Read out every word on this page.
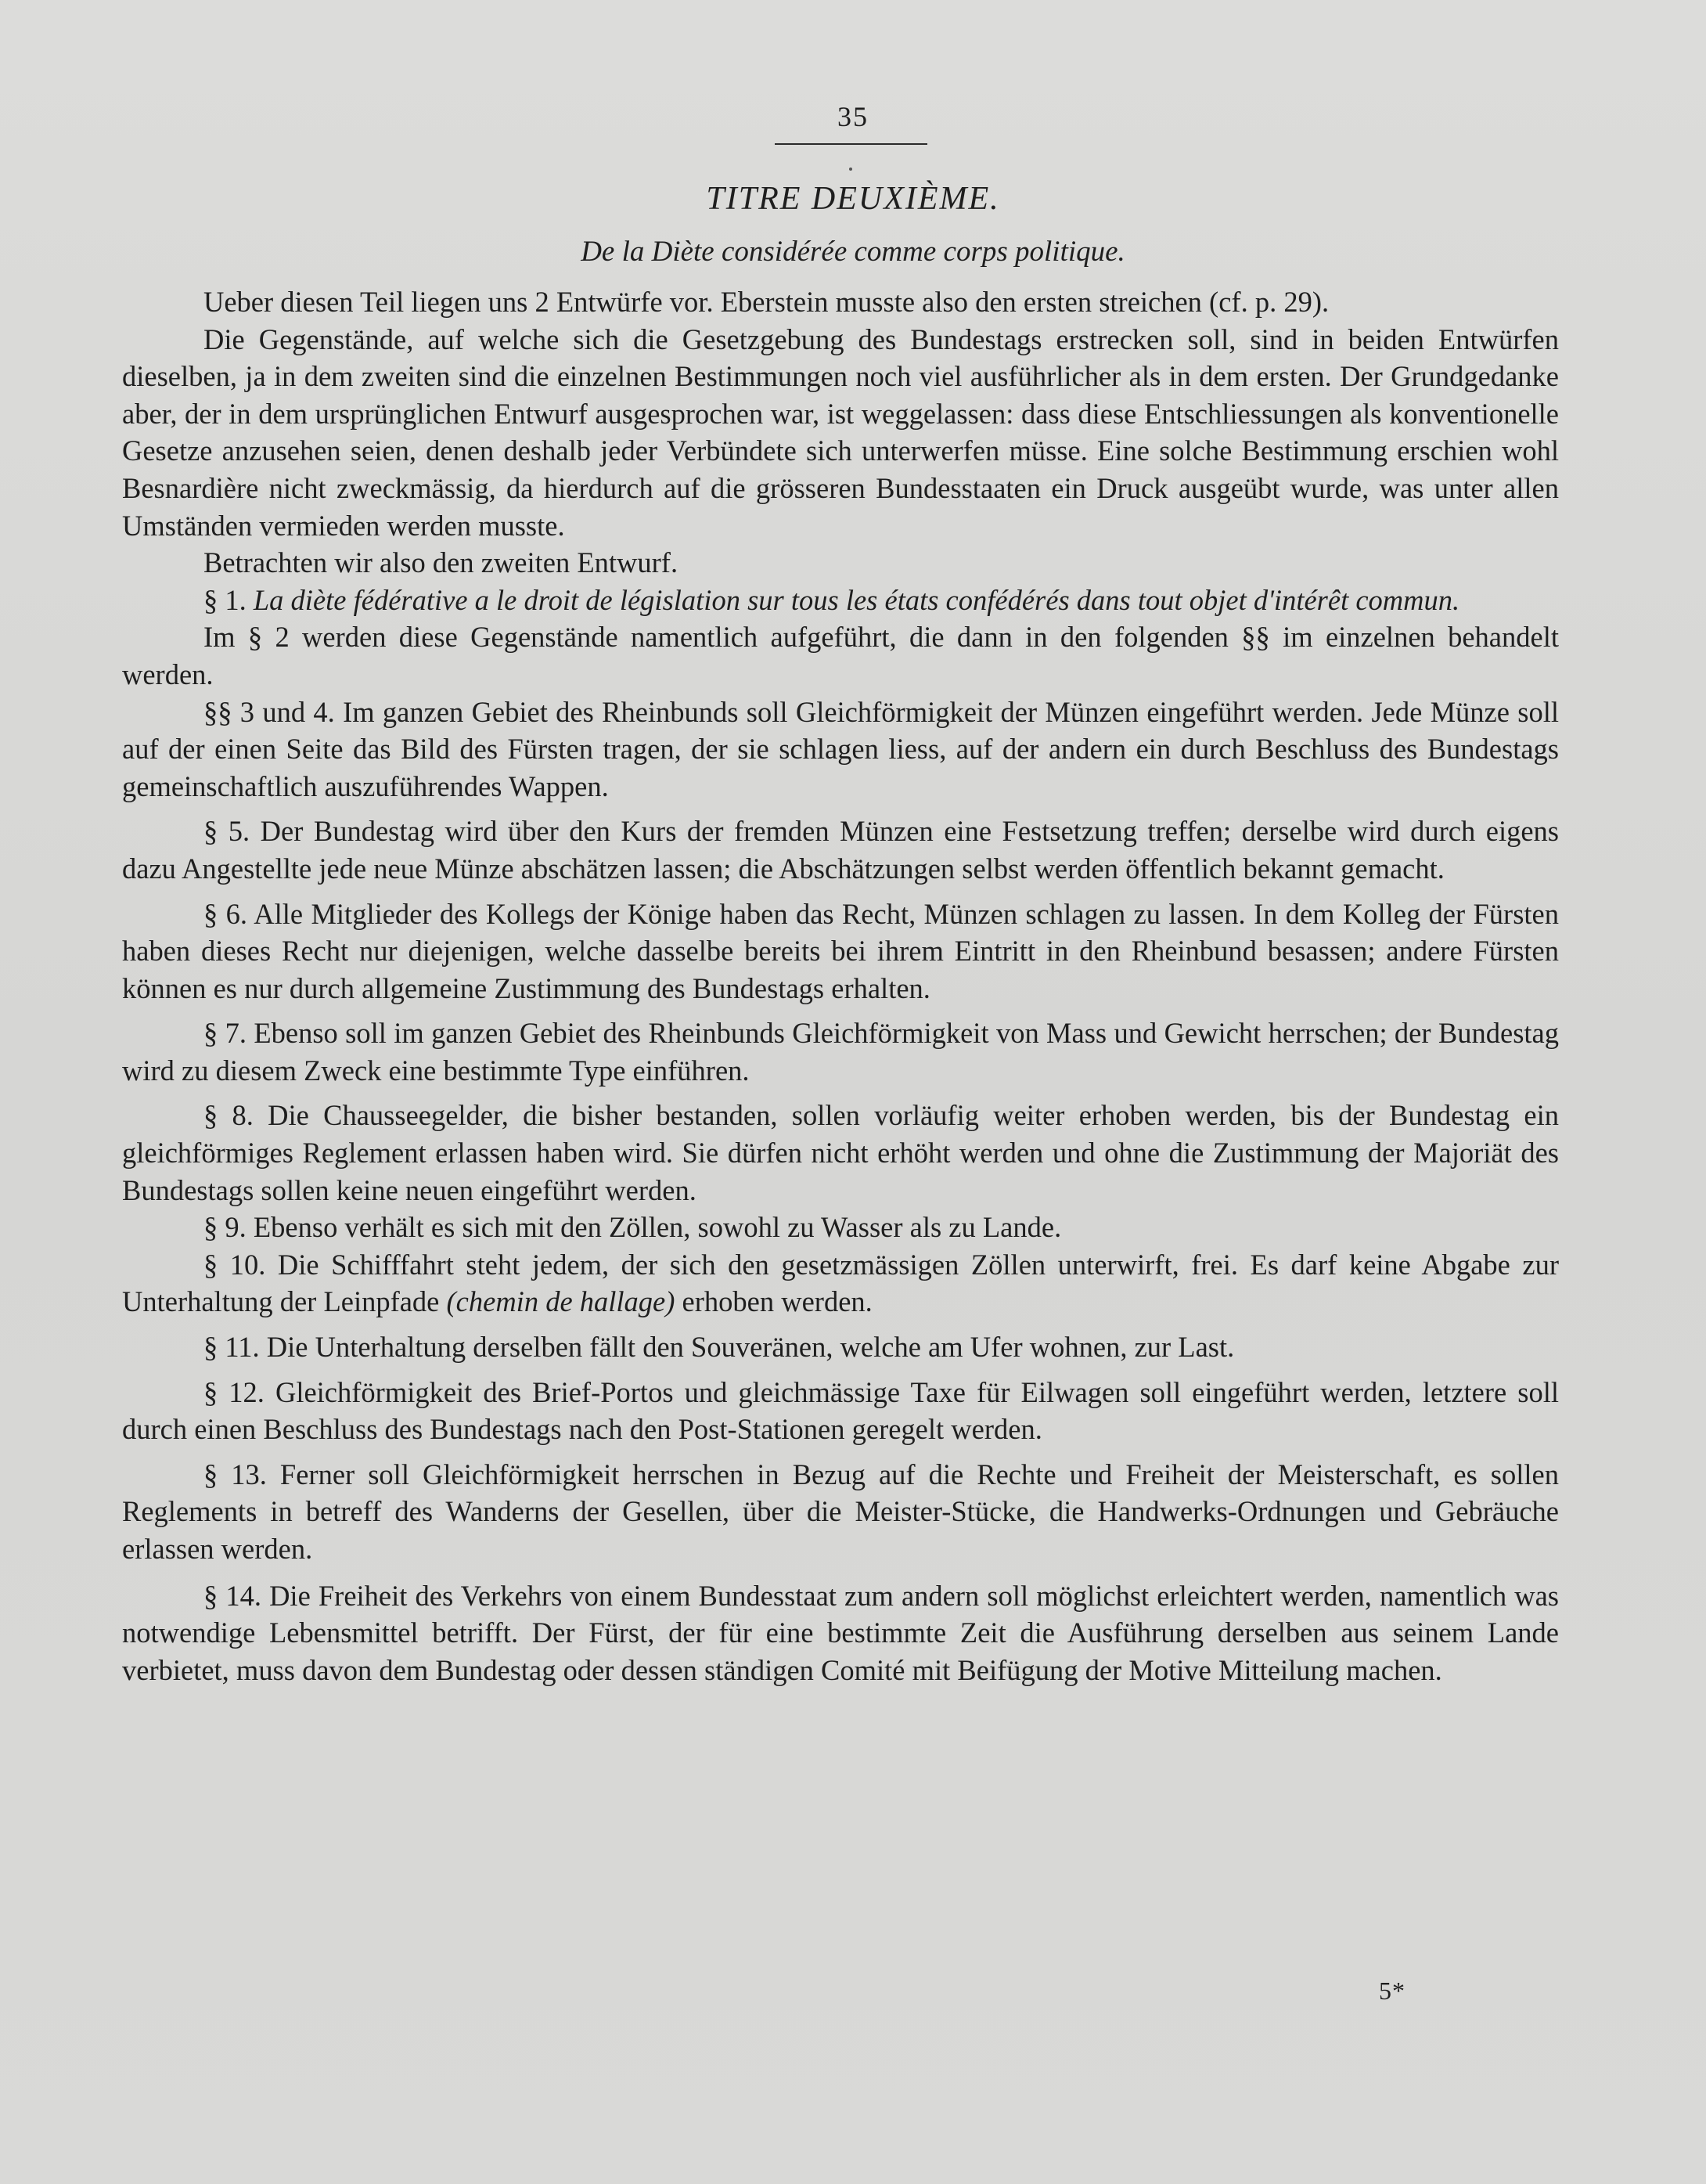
35
TITRE DEUXIÈME.
De la Diète considérée comme corps politique.

Ueber diesen Teil liegen uns 2 Entwürfe vor. Eberstein musste also den ersten streichen (cf. p. 29).

Die Gegenstände, auf welche sich die Gesetzgebung des Bundestags erstrecken soll, sind in beiden Entwürfen dieselben, ja in dem zweiten sind die einzelnen Bestimmungen noch viel ausführlicher als in dem ersten. Der Grundgedanke aber, der in dem ursprünglichen Entwurf ausgesprochen war, ist weggelassen: dass diese Entschliessungen als konventionelle Gesetze anzusehen seien, denen deshalb jeder Verbündete sich unterwerfen müsse. Eine solche Bestimmung erschien wohl Besnardière nicht zweckmässig, da hierdurch auf die grösseren Bundesstaaten ein Druck ausgeübt wurde, was unter allen Umständen vermieden werden musste.

Betrachten wir also den zweiten Entwurf.

§ 1. La diète fédérative a le droit de législation sur tous les états confédérés dans tout objet d'intérêt commun.

Im § 2 werden diese Gegenstände namentlich aufgeführt, die dann in den folgenden §§ im einzelnen behandelt werden.

§§ 3 und 4. Im ganzen Gebiet des Rheinbunds soll Gleichförmigkeit der Münzen eingeführt werden. Jede Münze soll auf der einen Seite das Bild des Fürsten tragen, der sie schlagen liess, auf der andern ein durch Beschluss des Bundestags gemeinschaftlich auszuführendes Wappen.

§ 5. Der Bundestag wird über den Kurs der fremden Münzen eine Festsetzung treffen; derselbe wird durch eigens dazu Angestellte jede neue Münze abschätzen lassen; die Abschätzungen selbst werden öffentlich bekannt gemacht.

§ 6. Alle Mitglieder des Kollegs der Könige haben das Recht, Münzen schlagen zu lassen. In dem Kolleg der Fürsten haben dieses Recht nur diejenigen, welche dasselbe bereits bei ihrem Eintritt in den Rheinbund besassen; andere Fürsten können es nur durch allgemeine Zustimmung des Bundestags erhalten.

§ 7. Ebenso soll im ganzen Gebiet des Rheinbunds Gleichförmigkeit von Mass und Gewicht herrschen; der Bundestag wird zu diesem Zweck eine bestimmte Type einführen.

§ 8. Die Chausseegelder, die bisher bestanden, sollen vorläufig weiter erhoben werden, bis der Bundestag ein gleichförmiges Reglement erlassen haben wird. Sie dürfen nicht erhöht werden und ohne die Zustimmung der Majoriät des Bundestags sollen keine neuen eingeführt werden.

§ 9. Ebenso verhält es sich mit den Zöllen, sowohl zu Wasser als zu Lande.

§ 10. Die Schifffahrt steht jedem, der sich den gesetzmässigen Zöllen unterwirft, frei. Es darf keine Abgabe zur Unterhaltung der Leinpfade (chemin de hallage) erhoben werden.

§ 11. Die Unterhaltung derselben fällt den Souveränen, welche am Ufer wohnen, zur Last.

§ 12. Gleichförmigkeit des Brief-Portos und gleichmässige Taxe für Eilwagen soll eingeführt werden, letztere soll durch einen Beschluss des Bundestags nach den Post-Stationen geregelt werden.

§ 13. Ferner soll Gleichförmigkeit herrschen in Bezug auf die Rechte und Freiheit der Meisterschaft, es sollen Reglements in betreff des Wanderns der Gesellen, über die Meister-Stücke, die Handwerks-Ordnungen und Gebräuche erlassen werden.

§ 14. Die Freiheit des Verkehrs von einem Bundesstaat zum andern soll möglichst erleichtert werden, namentlich was notwendige Lebensmittel betrifft. Der Fürst, der für eine bestimmte Zeit die Ausführung derselben aus seinem Lande verbietet, muss davon dem Bundestag oder dessen ständigen Comité mit Beifügung der Motive Mitteilung machen.

5*
